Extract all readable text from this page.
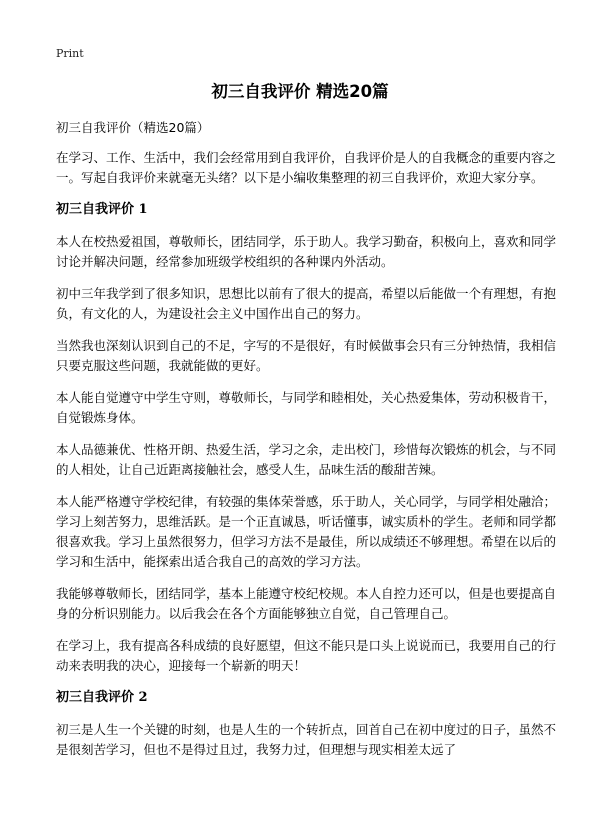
Print
初三自我评价 精选20篇

初三自我评价（精选20篇）

在学习、工作、生活中，我们会经常用到自我评价，自我评价是人的自我概念的重要内容之一。写起自我评价来就毫无头绪？以下是小编收集整理的初三自我评价，欢迎大家分享。

初三自我评价 1

本人在校热爱祖国，尊敬师长，团结同学，乐于助人。我学习勤奋，积极向上，喜欢和同学讨论并解决问题，经常参加班级学校组织的各种课内外活动。

初中三年我学到了很多知识，思想比以前有了很大的提高，希望以后能做一个有理想，有抱负，有文化的人，为建设社会主义中国作出自己的努力。

当然我也深刻认识到自己的不足，字写的不是很好，有时候做事会只有三分钟热情，我相信只要克服这些问题，我就能做的更好。

本人能自觉遵守中学生守则，尊敬师长，与同学和睦相处，关心热爱集体，劳动积极肯干，自觉锻炼身体。

本人品德兼优、性格开朗、热爱生活，学习之余，走出校门，珍惜每次锻炼的机会，与不同的人相处，让自己近距离接触社会，感受人生，品味生活的酸甜苦辣。

本人能严格遵守学校纪律，有较强的集体荣誉感，乐于助人，关心同学，与同学相处融洽；学习上刻苦努力，思维活跃。是一个正直诚恳，听话懂事，诚实质朴的学生。老师和同学都很喜欢我。学习上虽然很努力，但学习方法不是最佳，所以成绩还不够理想。希望在以后的学习和生活中，能探索出适合我自己的高效的学习方法。

我能够尊敬师长，团结同学，基本上能遵守校纪校规。本人自控力还可以，但是也要提高自身的分析识别能力。以后我会在各个方面能够独立自觉，自己管理自己。

在学习上，我有提高各科成绩的良好愿望，但这不能只是口头上说说而已，我要用自己的行动来表明我的决心，迎接每一个崭新的明天！

初三自我评价 2

初三是人生一个关键的时刻，也是人生的一个转折点，回首自己在初中度过的日子，虽然不是很刻苦学习，但也不是得过且过，我努力过，但理想与现实相差太远了
